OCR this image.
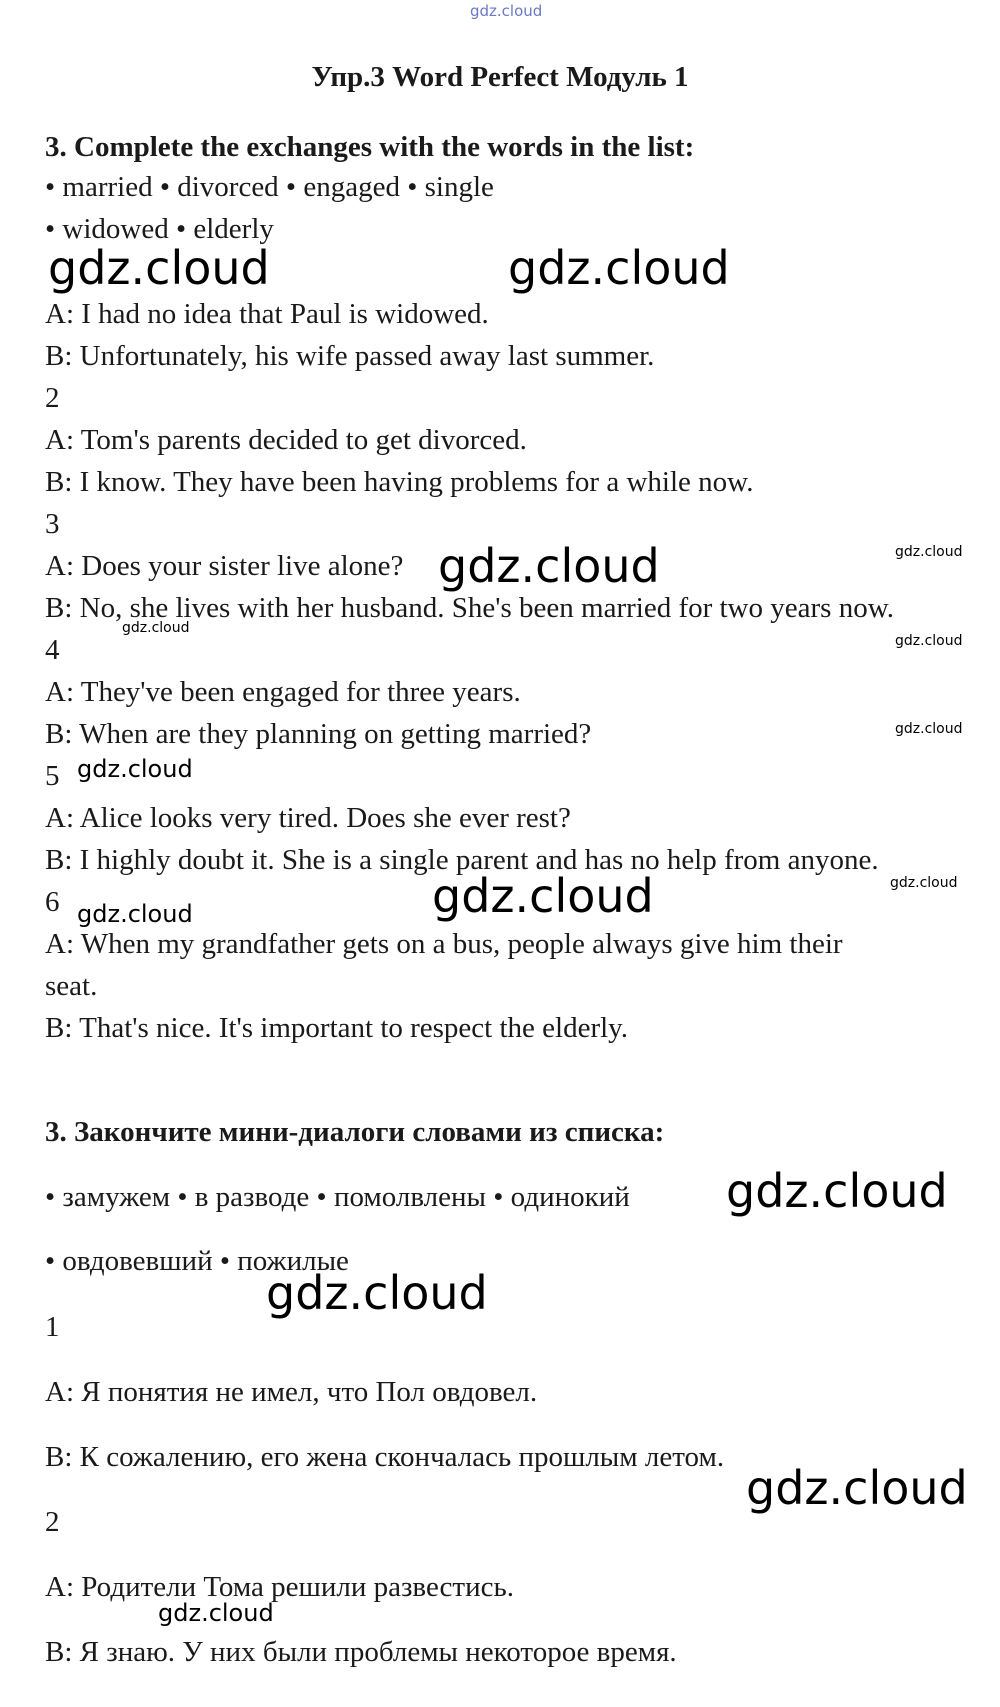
gdz.cloud
Упр.3 Word Perfect Модуль 1
3. Complete the exchanges with the words in the list:
• married • divorced • engaged • single
• widowed • elderly
A: I had no idea that Paul is widowed.
B: Unfortunately, his wife passed away last summer.
2
A: Tom's parents decided to get divorced.
B: I know. They have been having problems for a while now.
3
A: Does your sister live alone?
B: No, she lives with her husband. She's been married for two years now.
4
A: They've been engaged for three years.
B: When are they planning on getting married?
5
A: Alice looks very tired. Does she ever rest?
B: I highly doubt it. She is a single parent and has no help from anyone.
6
A: When my grandfather gets on a bus, people always give him their
seat.
B: That's nice. It's important to respect the elderly.
3. Закончите мини-диалоги словами из списка:
• замужем • в разводе • помолвлены • одинокий
• овдовевший • пожилые
1
А: Я понятия не имел, что Пол овдовел.
В: К сожалению, его жена скончалась прошлым летом.
2
А: Родители Тома решили развестись.
В: Я знаю. У них были проблемы некоторое время.
gdz.cloud	gdz.cloud
gdz.cloud	gdz.cloud
gdz.cloud
gdz.cloud
gdz.cloud
gdz.cloud
gdz.cloud
gdz.cloud
gdz.cloud
gdz.cloud
gdz.cloud
gdz.cloud
gdz.cloud
